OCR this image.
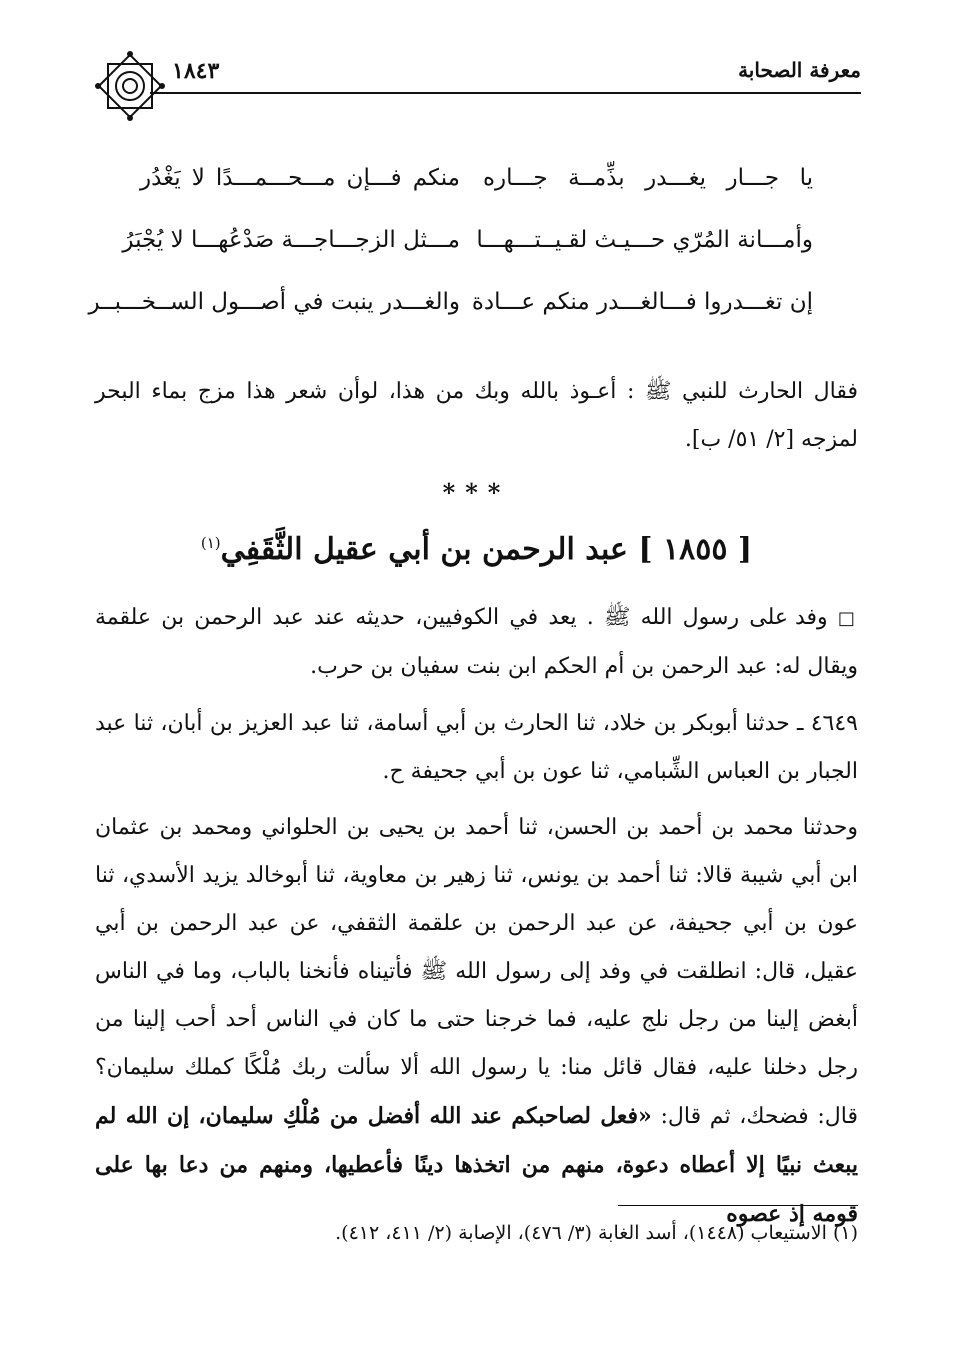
معرفة الصحابة
١٨٤٣
يا جـــار يغـــدر بذِّمــة جـــاره
منكم فـــإن مـــحـــمـــدًا لا يَغْدُر
وأمـــانة المُرّي حـــيـث لقـيــتـــهـــا
مـــثل الزجـــاجـــة صَدْعُهـــا لا يُجْبَرُ
إن تغـــدروا فـــالغـــدر منكم عـــادة
والغـــدر ينبت في أصـــول الســخـــبــر
فقال الحارث للنبي ﷺ : أعـوذ بالله وبك من هذا، لوأن شعر هذا مزج بماء البحر لمزجه [٢/ ٥١/ ب].
***
[ ١٨٥٥ ] عبد الرحمن بن أبي عقيل الثَّقَفِي$^{(١)}$
□ وفد على رسول الله ﷺ . يعد في الكوفيين، حديثه عند عبد الرحمن بن علقمة ويقال له: عبد الرحمن بن أم الحكم ابن بنت سفيان بن حرب.
٤٦٤٩ ـ حدثنا أبوبكر بن خلاد، ثنا الحارث بن أبي أسامة، ثنا عبد العزيز بن أبان، ثنا عبد الجبار بن العباس الشِّبامي، ثنا عون بن أبي جحيفة ح.
وحدثنا محمد بن أحمد بن الحسن، ثنا أحمد بن يحيى بن الحلواني ومحمد بن عثمان ابن أبي شيبة قالا: ثنا أحمد بن يونس، ثنا زهير بن معاوية، ثنا أبوخالد يزيد الأسدي، ثنا عون بن أبي جحيفة، عن عبد الرحمن بن علقمة الثقفي، عن عبد الرحمن بن أبي عقيل، قال: انطلقت في وفد إلى رسول الله ﷺ فأتيناه فأنخنا بالباب، وما في الناس أبغض إلينا من رجل نلج عليه، فما خرجنا حتى ما كان في الناس أحد أحب إلينا من رجل دخلنا عليه، فقال قائل منا: يا رسول الله ألا سألت ربك مُلْكًا كملك سليمان؟ قال: فضحك، ثم قال: «فعل لصاحبكم عند الله أفضل من مُلْكِ سليمان، إن الله لم يبعث نبيًا إلا أعطاه دعوة، منهم من اتخذها دينًا فأعطيها، ومنهم من دعا بها على قومه إذ عصوه
(١) الاستيعاب (١٤٤٨)، أسد الغابة (٣/ ٤٧٦)، الإصابة (٢/ ٤١١، ٤١٢).
